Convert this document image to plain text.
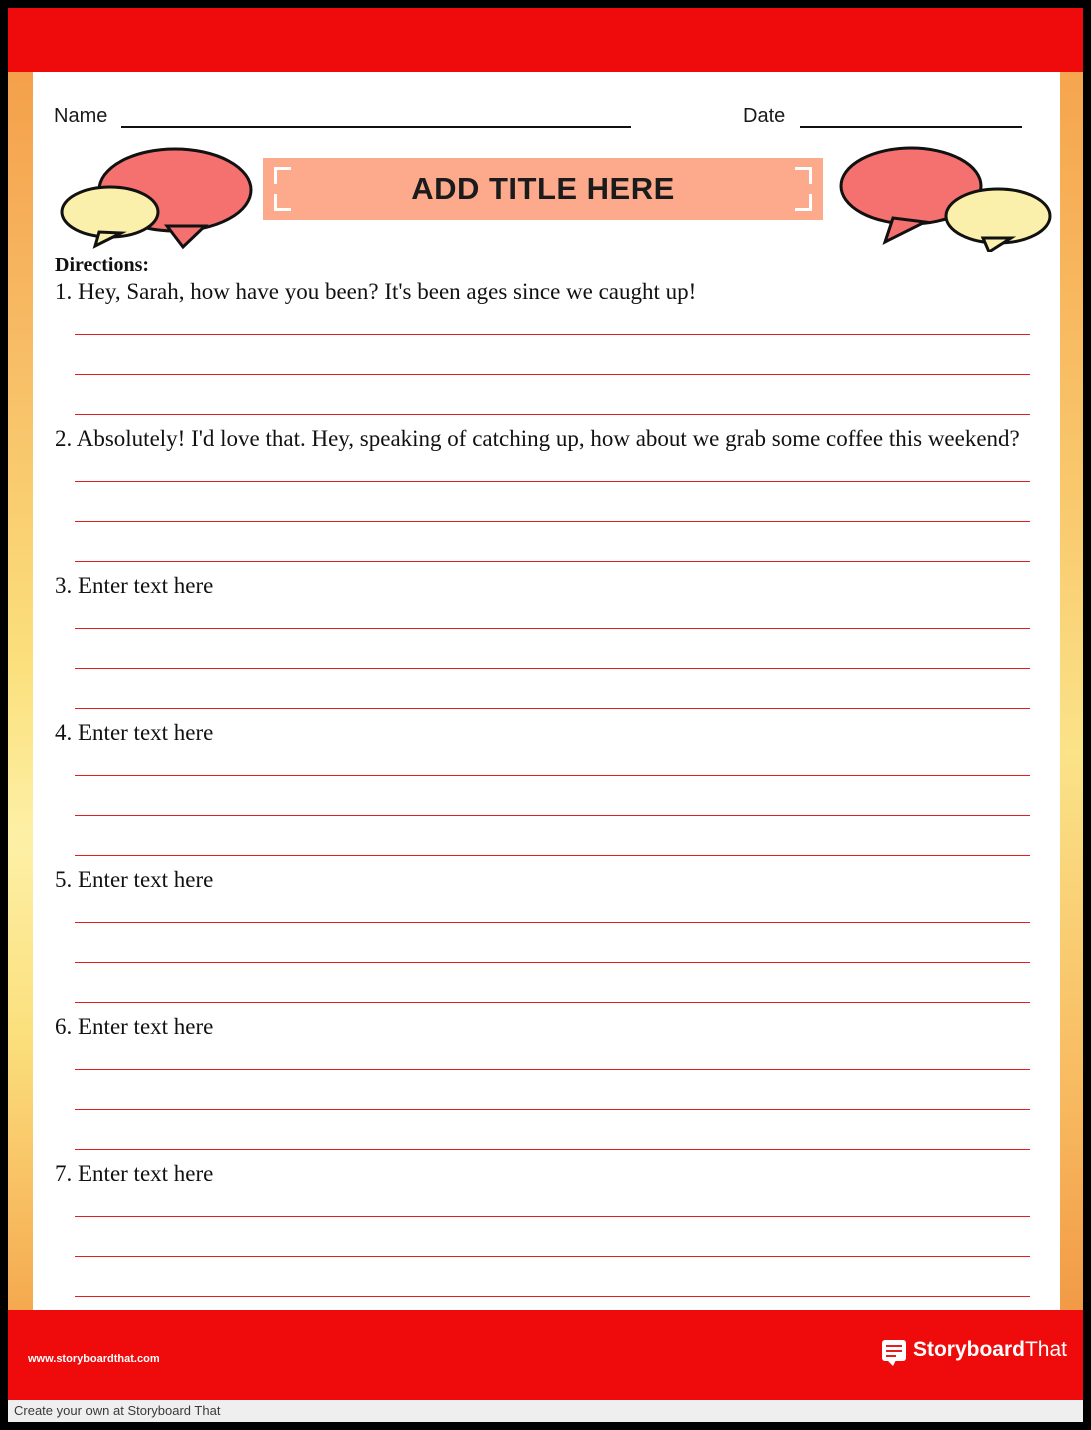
Name	Date
ADD TITLE HERE
Directions:
1. Hey, Sarah, how have you been? It's been ages since we caught up!
2. Absolutely! I'd love that. Hey, speaking of catching up, how about we grab some coffee this weekend?
3. Enter text here
4. Enter text here
5. Enter text here
6. Enter text here
7. Enter text here
www.storyboardthat.com	StoryboardThat
Create your own at Storyboard That
